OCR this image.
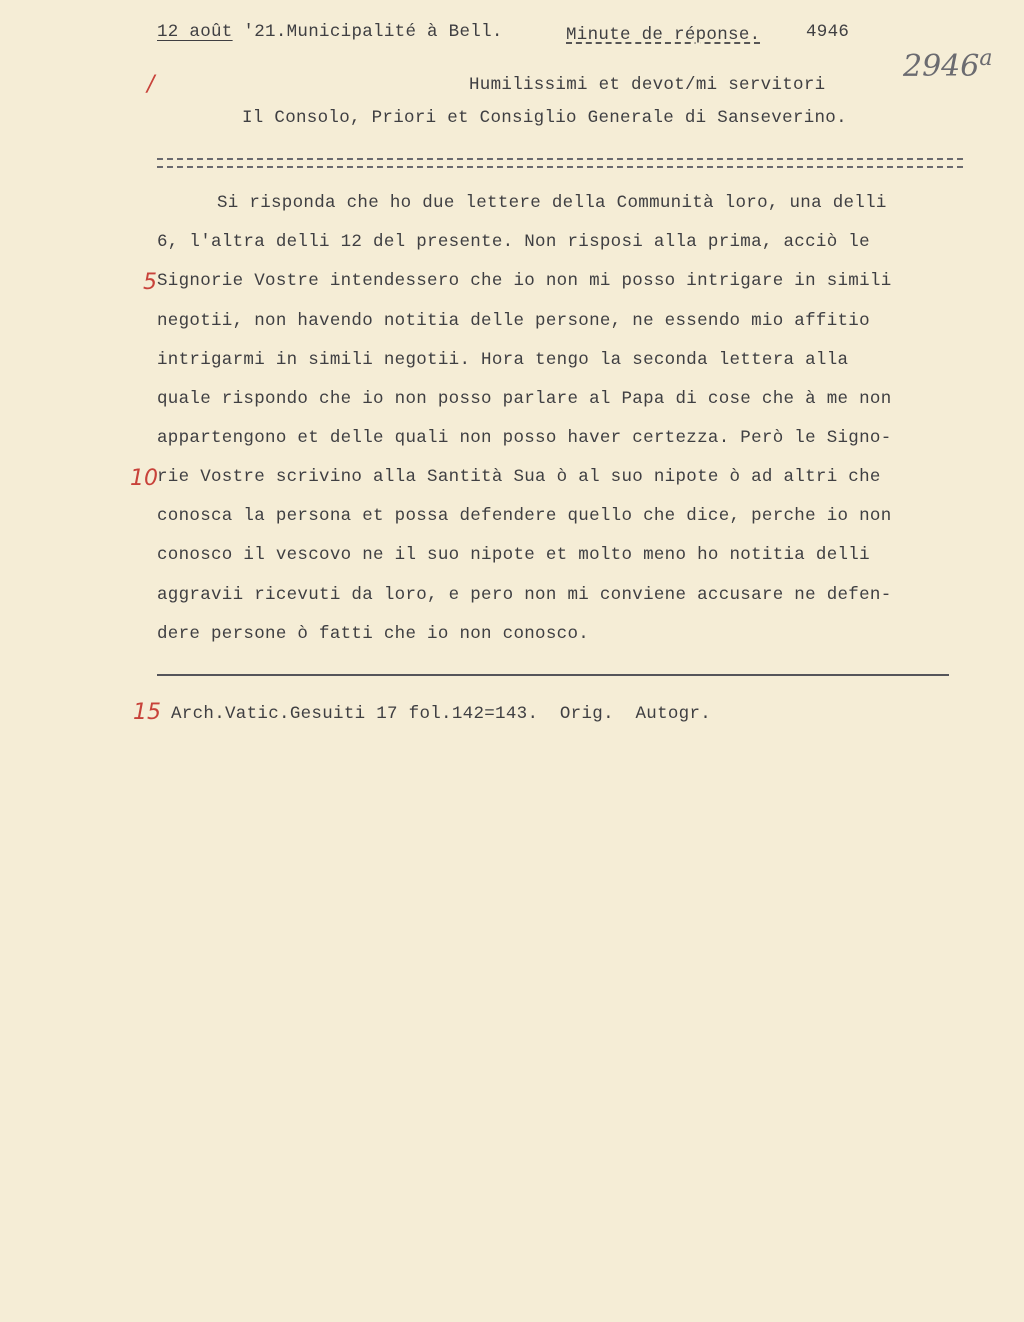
12 août '21.Municipalité à Bell.	Minute de réponse.	4946
2946$^a$
/
5
10
15
Humilissimi et devot/mi servitori
Il Consolo, Priori et Consiglio Generale di Sanseverino.
Si risponda che ho due lettere della Communità loro, una delli
6, l'altra delli 12 del presente. Non risposi alla prima, acciò le
Signorie Vostre intendessero che io non mi posso intrigare in simili
negotii, non havendo notitia delle persone, ne essendo mio affitio
intrigarmi in simili negotii. Hora tengo la seconda lettera alla
quale rispondo che io non posso parlare al Papa di cose che à me non
appartengono et delle quali non posso haver certezza. Però le Signo-
rie Vostre scrivino alla Santità Sua ò al suo nipote ò ad altri che
conosca la persona et possa defendere quello che dice, perche io non
conosco il vescovo ne il suo nipote et molto meno ho notitia delli
aggravii ricevuti da loro, e pero non mi conviene accusare ne defen-
dere persone ò fatti che io non conosco.
Arch.Vatic.Gesuiti 17 fol.142=143.  Orig.  Autogr.
